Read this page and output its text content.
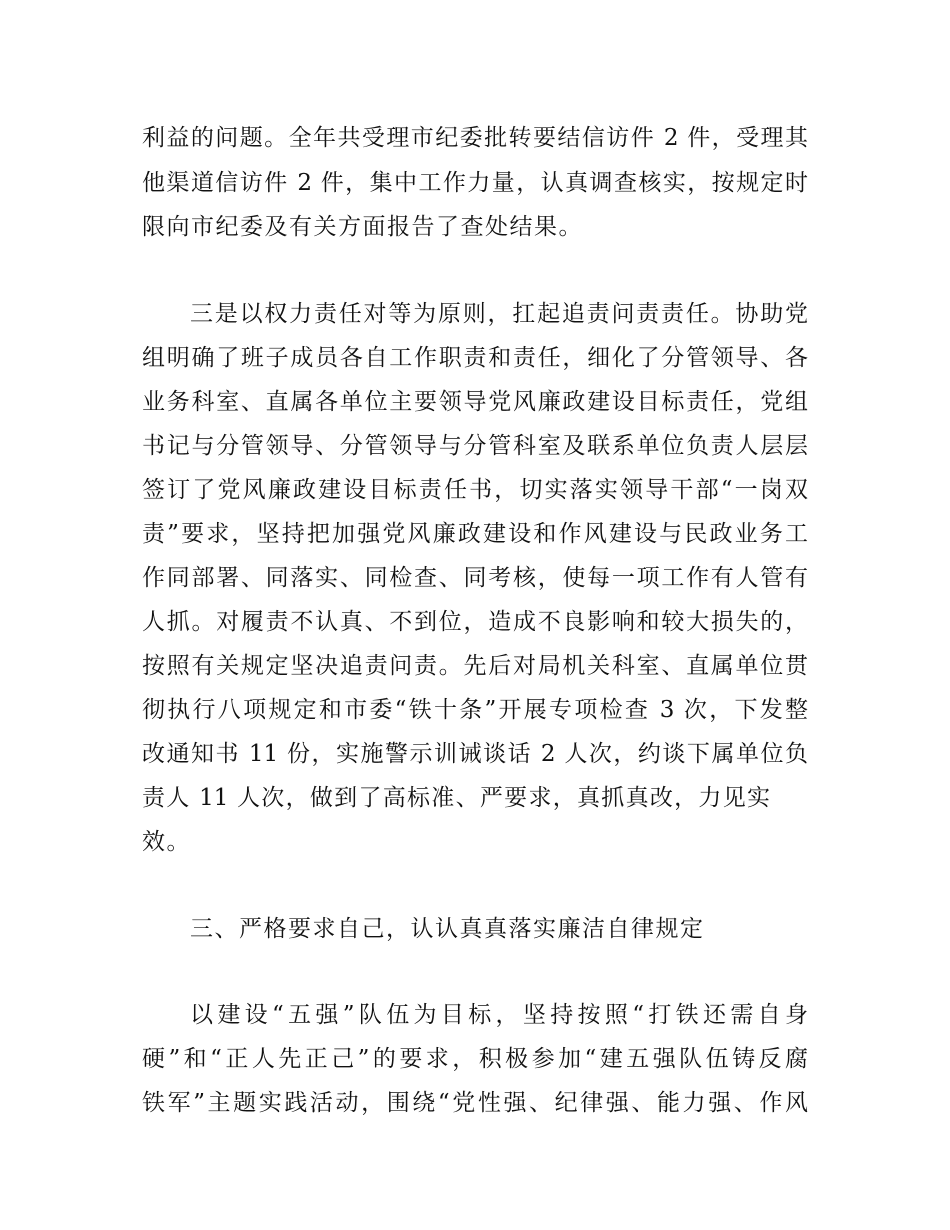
利益的问题。全年共受理市纪委批转要结信访件 2 件，受理其

他渠道信访件 2 件，集中工作力量，认真调查核实，按规定时

限向市纪委及有关方面报告了查处结果。

三是以权力责任对等为原则，扛起追责问责责任。协助党

组明确了班子成员各自工作职责和责任，细化了分管领导、各

业务科室、直属各单位主要领导党风廉政建设目标责任，党组

书记与分管领导、分管领导与分管科室及联系单位负责人层层

签订了党风廉政建设目标责任书，切实落实领导干部“一岗双

责”要求，坚持把加强党风廉政建设和作风建设与民政业务工

作同部署、同落实、同检查、同考核，使每一项工作有人管有

人抓。对履责不认真、不到位，造成不良影响和较大损失的，

按照有关规定坚决追责问责。先后对局机关科室、直属单位贯

彻执行八项规定和市委“铁十条”开展专项检查 3 次，下发整

改通知书 11 份，实施警示训诫谈话 2 人次，约谈下属单位负

责人 11 人次，做到了高标准、严要求，真抓真改，力见实

效。

三、严格要求自己，认认真真落实廉洁自律规定

以建设“五强”队伍为目标，坚持按照“打铁还需自身

硬”和“正人先正己”的要求，积极参加“建五强队伍铸反腐

铁军”主题实践活动，围绕“党性强、纪律强、能力强、作风
